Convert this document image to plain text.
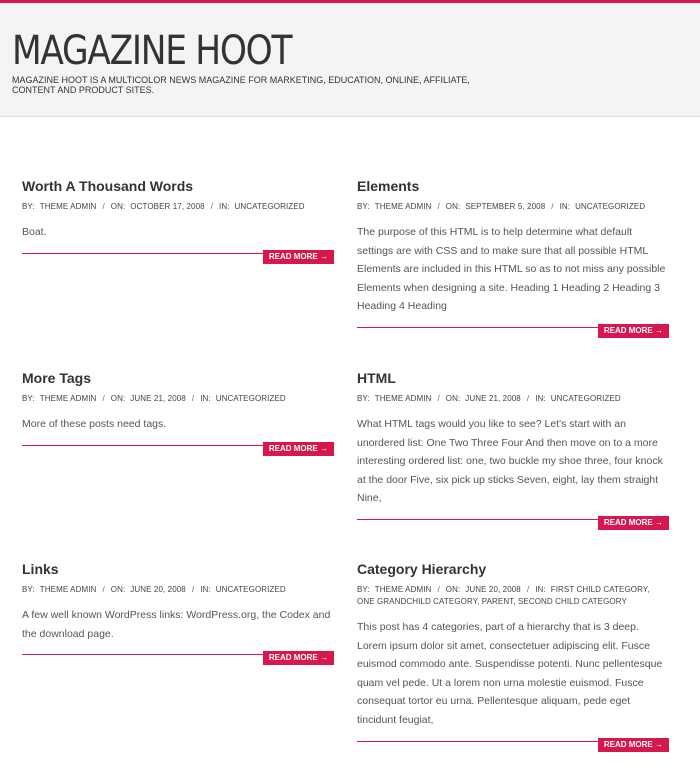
MAGAZINE HOOT

MAGAZINE HOOT IS A MULTICOLOR NEWS MAGAZINE FOR MARKETING, EDUCATION, ONLINE, AFFILIATE, CONTENT AND PRODUCT SITES.

Worth A Thousand Words
BY: THEME ADMIN / ON: OCTOBER 17, 2008 / IN: UNCATEGORIZED
Boat.
READ MORE →
Elements
BY: THEME ADMIN / ON: SEPTEMBER 5, 2008 / IN: UNCATEGORIZED
The purpose of this HTML is to help determine what default settings are with CSS and to make sure that all possible HTML Elements are included in this HTML so as to not miss any possible Elements when designing a site. Heading 1 Heading 2 Heading 3 Heading 4 Heading
READ MORE →
More Tags
BY: THEME ADMIN / ON: JUNE 21, 2008 / IN: UNCATEGORIZED
More of these posts need tags.
READ MORE →
HTML
BY: THEME ADMIN / ON: JUNE 21, 2008 / IN: UNCATEGORIZED
What HTML tags would you like to see? Let's start with an unordered list: One Two Three Four And then move on to a more interesting ordered list: one, two buckle my shoe three, four knock at the door Five, six pick up sticks Seven, eight, lay them straight Nine,
READ MORE →
Links
BY: THEME ADMIN / ON: JUNE 20, 2008 / IN: UNCATEGORIZED
A few well known WordPress links: WordPress.org, the Codex and the download page.
READ MORE →
Category Hierarchy
BY: THEME ADMIN / ON: JUNE 20, 2008 / IN: FIRST CHILD CATEGORY, ONE GRANDCHILD CATEGORY, PARENT, SECOND CHILD CATEGORY
This post has 4 categories, part of a hierarchy that is 3 deep. Lorem ipsum dolor sit amet, consectetuer adipiscing elit. Fusce euismod commodo ante. Suspendisse potenti. Nunc pellentesque quam vel pede. Ut a lorem non urna molestie euismod. Fusce consequat tortor eu urna. Pellentesque aliquam, pede eget tincidunt feugiat,
READ MORE →
